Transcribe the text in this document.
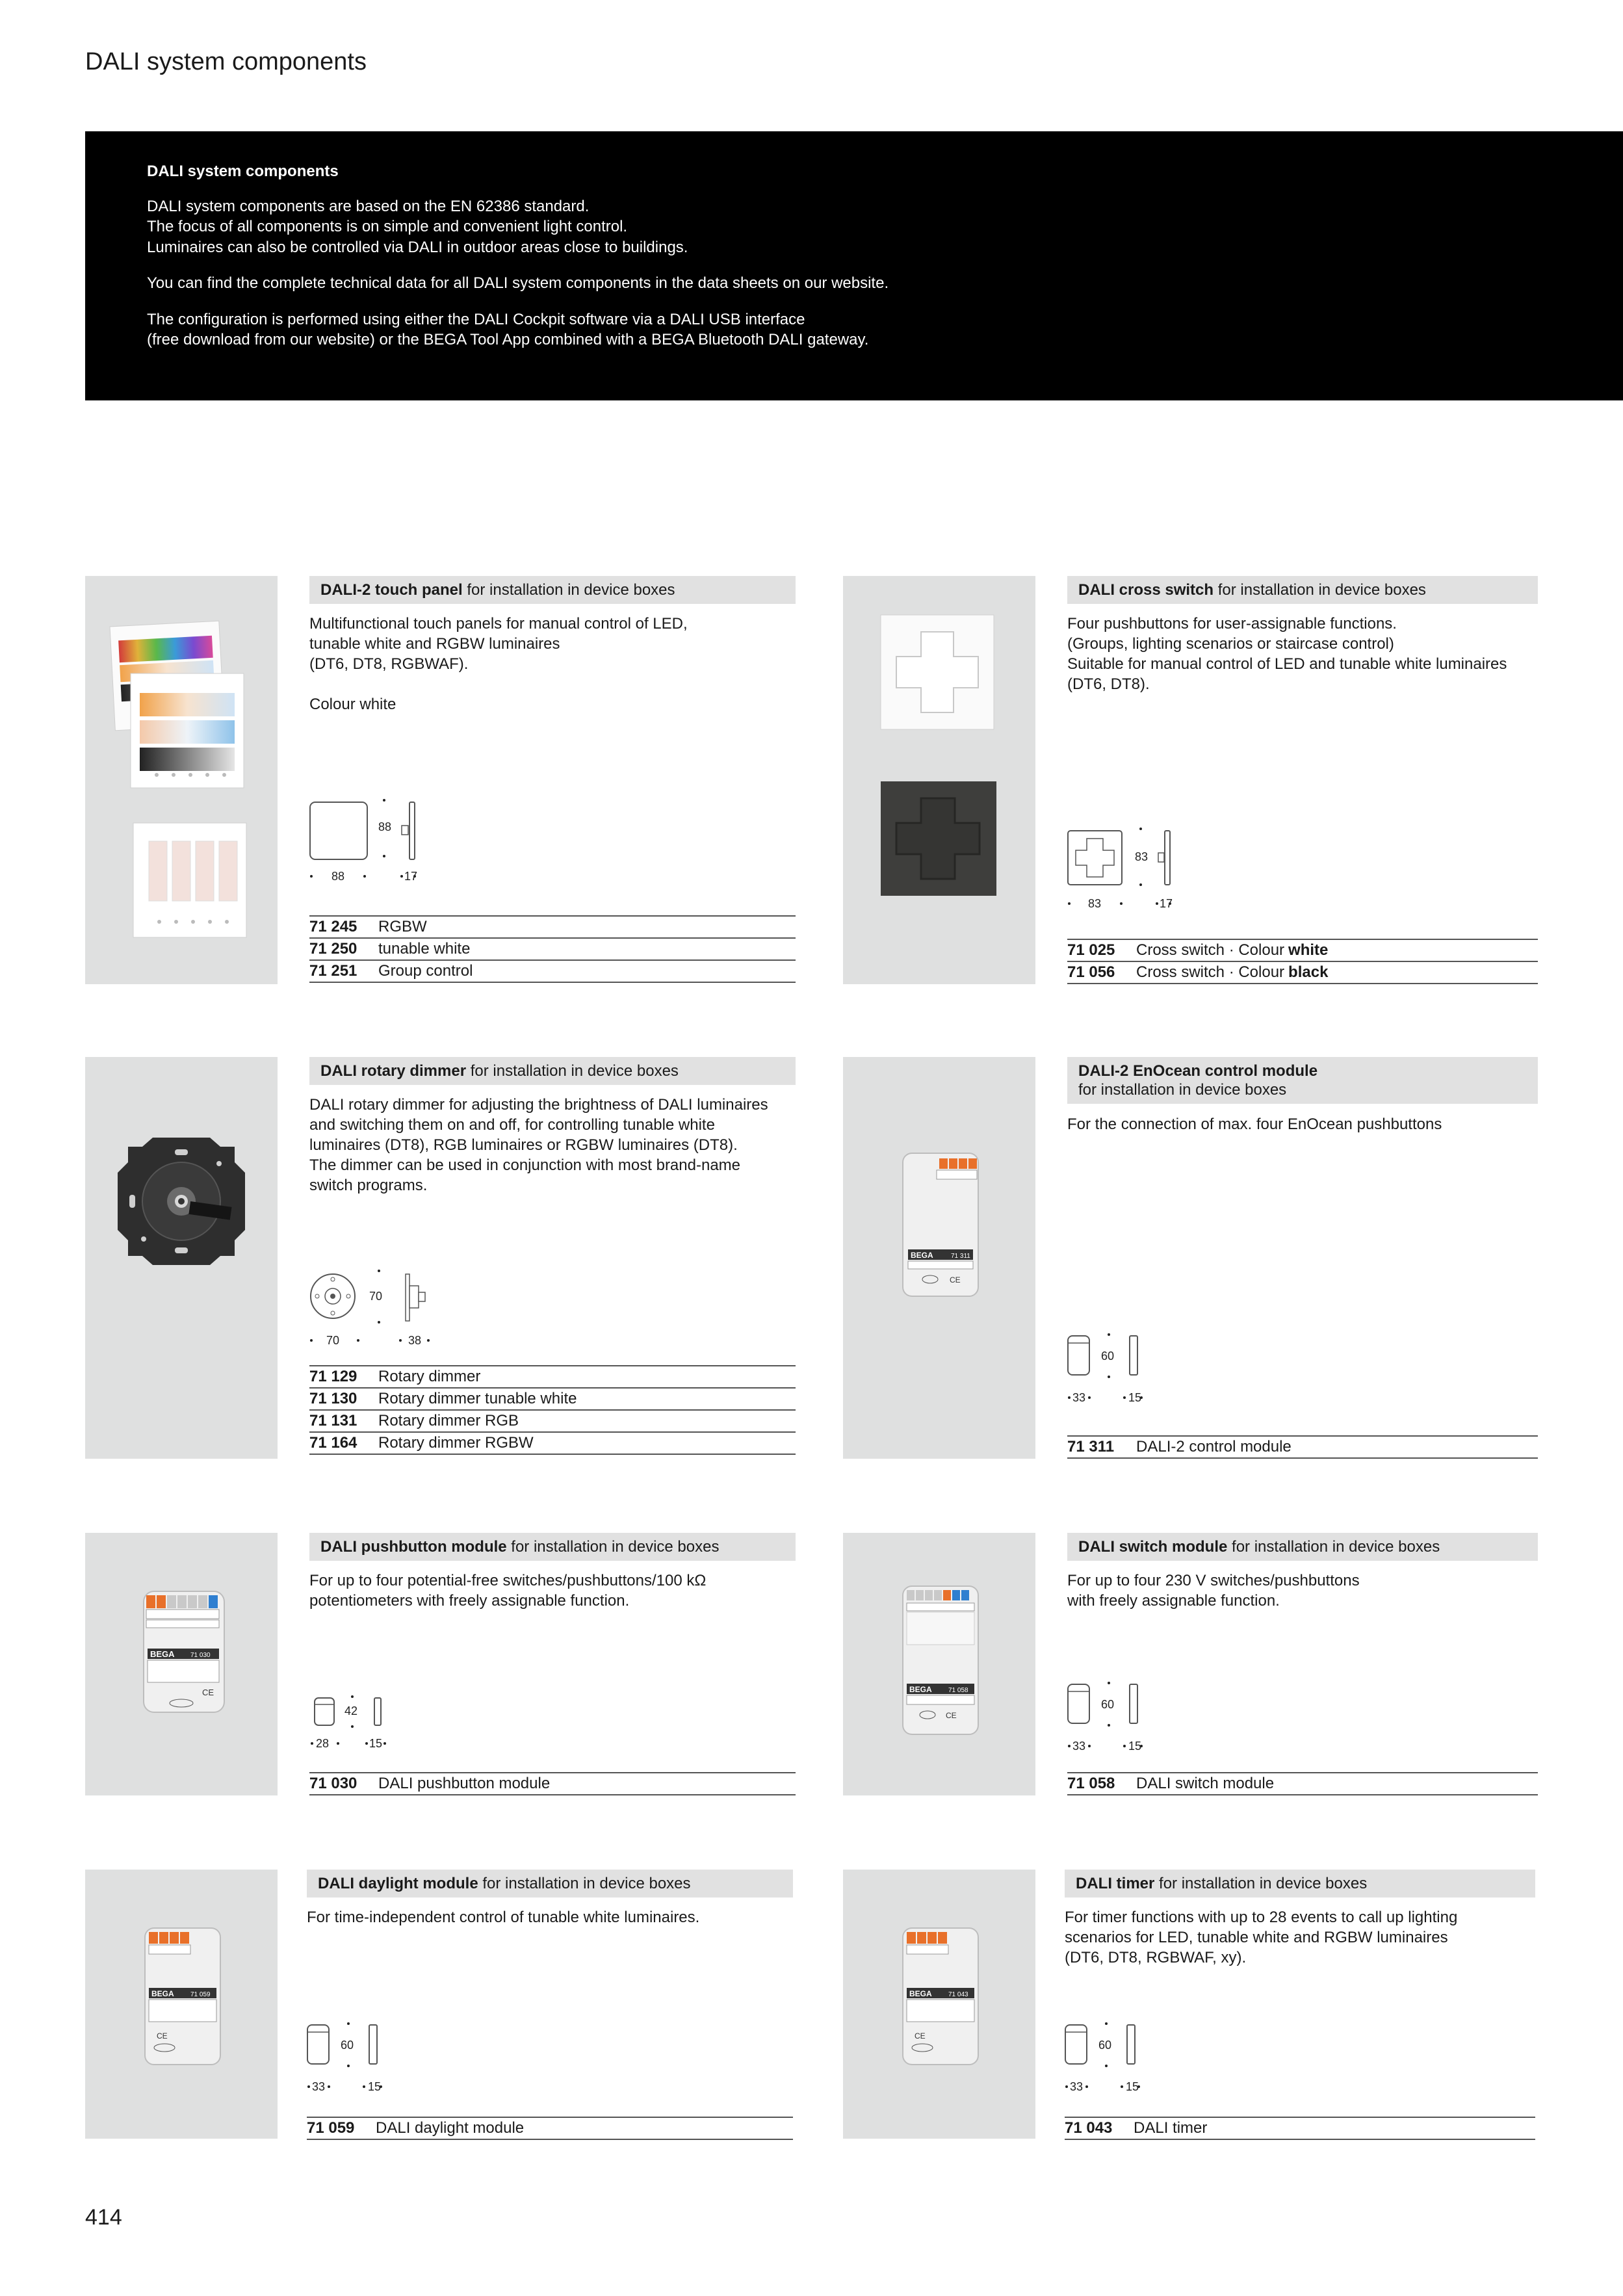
DALI system components
DALI system components

DALI system components are based on the EN 62386 standard.
The focus of all components is on simple and convenient light control.
Luminaires can also be controlled via DALI in outdoor areas close to buildings.

You can find the complete technical data for all DALI system components in the data sheets on our website.

The configuration is performed using either the DALI Cockpit software via a DALI USB interface
(free download from our website) or the BEGA Tool App combined with a BEGA Bluetooth DALI gateway.

DALI-2 touch panel for installation in device boxes
Multifunctional touch panels for manual control of LED,
tunable white and RGBW luminaires
(DT6, DT8, RGBWAF).

Colour white
88
88	17
71 245	RGBW
71 250	tunable white
71 251	Group control
DALI cross switch for installation in device boxes
Four pushbuttons for user-assignable functions.
(Groups, lighting scenarios or staircase control)
Suitable for manual control of LED and tunable white luminaires
(DT6, DT8).
83
83	17
71 025	Cross switch · Colour white
71 056	Cross switch · Colour black
DALI rotary dimmer for installation in device boxes
DALI rotary dimmer for adjusting the brightness of DALI luminaires
and switching them on and off, for controlling tunable white
luminaires (DT8), RGB luminaires or RGBW luminaires (DT8).
The dimmer can be used in conjunction with most brand-name
switch programs.
70
70	38
71 129	Rotary dimmer
71 130	Rotary dimmer tunable white
71 131	Rotary dimmer RGB
71 164	Rotary dimmer RGBW
BEGA	71 311
CE
DALI-2 EnOcean control module
for installation in device boxes
For the connection of max. four EnOcean pushbuttons
60
33	15
71 311	DALI-2 control module
BEGA 71 030
CE
DALI pushbutton module for installation in device boxes
For up to four potential-free switches/pushbuttons/100 kΩ
potentiometers with freely assignable function.
42
28	15
71 030	DALI pushbutton module
BEGA	71 058
CE
DALI switch module for installation in device boxes
For up to four 230 V switches/pushbuttons
with freely assignable function.
60
33	15
71 058	DALI switch module
BEGA	71 059
CE
DALI daylight module for installation in device boxes
For time-independent control of tunable white luminaires.
60
33	15
71 059	DALI daylight module
BEGA	71 043
CE
DALI timer for installation in device boxes
For timer functions with up to 28 events to call up lighting
scenarios for LED, tunable white and RGBW luminaires
(DT6, DT8, RGBWAF, xy).
60
33	15
71 043	DALI timer
414
